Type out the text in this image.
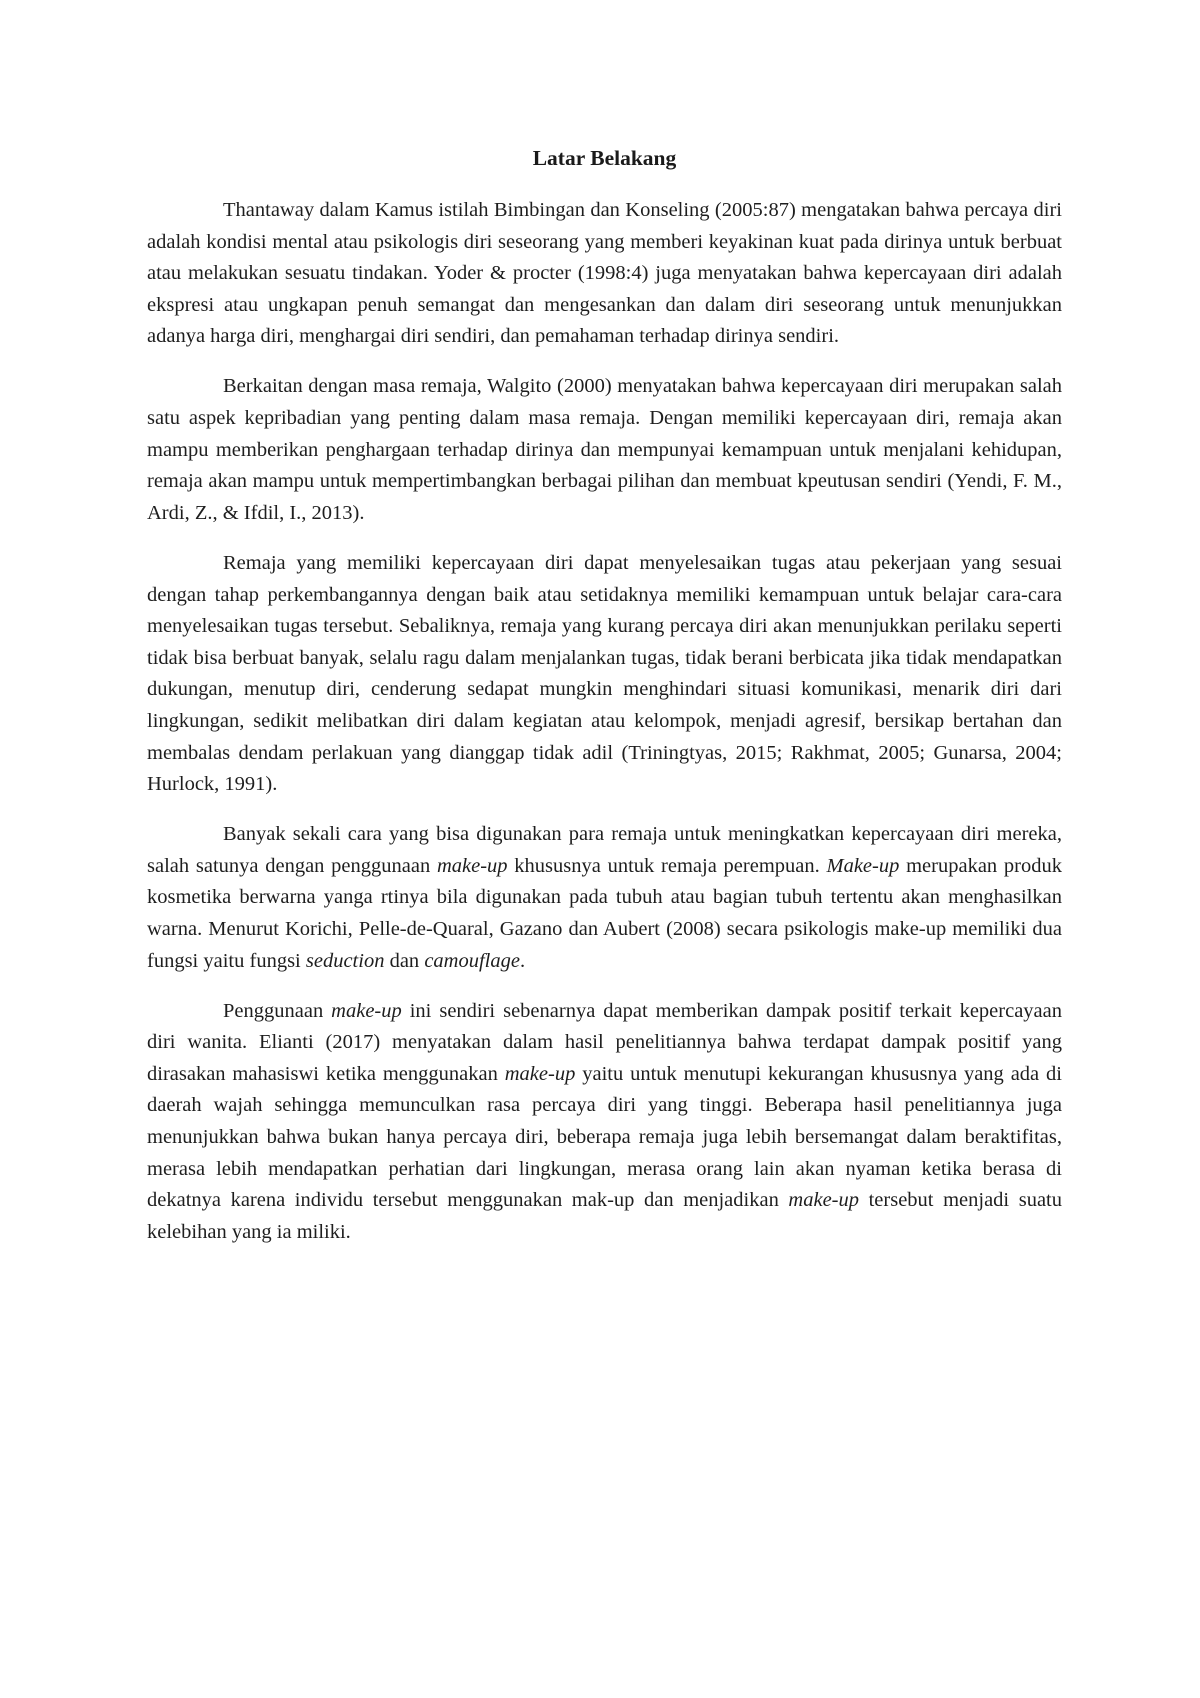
Latar Belakang

Thantaway dalam Kamus istilah Bimbingan dan Konseling (2005:87) mengatakan bahwa percaya diri adalah kondisi mental atau psikologis diri seseorang yang memberi keyakinan kuat pada dirinya untuk berbuat atau melakukan sesuatu tindakan. Yoder & procter (1998:4) juga menyatakan bahwa kepercayaan diri adalah ekspresi atau ungkapan penuh semangat dan mengesankan dan dalam diri seseorang untuk menunjukkan adanya harga diri, menghargai diri sendiri, dan pemahaman terhadap dirinya sendiri.

Berkaitan dengan masa remaja, Walgito (2000) menyatakan bahwa kepercayaan diri merupakan salah satu aspek kepribadian yang penting dalam masa remaja. Dengan memiliki kepercayaan diri, remaja akan mampu memberikan penghargaan terhadap dirinya dan mempunyai kemampuan untuk menjalani kehidupan, remaja akan mampu untuk mempertimbangkan berbagai pilihan dan membuat kpeutusan sendiri (Yendi, F. M., Ardi, Z., & Ifdil, I., 2013).

Remaja yang memiliki kepercayaan diri dapat menyelesaikan tugas atau pekerjaan yang sesuai dengan tahap perkembangannya dengan baik atau setidaknya memiliki kemampuan untuk belajar cara-cara menyelesaikan tugas tersebut. Sebaliknya, remaja yang kurang percaya diri akan menunjukkan perilaku seperti tidak bisa berbuat banyak, selalu ragu dalam menjalankan tugas, tidak berani berbicata jika tidak mendapatkan dukungan, menutup diri, cenderung sedapat mungkin menghindari situasi komunikasi, menarik diri dari lingkungan, sedikit melibatkan diri dalam kegiatan atau kelompok, menjadi agresif, bersikap bertahan dan membalas dendam perlakuan yang dianggap tidak adil (Triningtyas, 2015; Rakhmat, 2005; Gunarsa, 2004; Hurlock, 1991).

Banyak sekali cara yang bisa digunakan para remaja untuk meningkatkan kepercayaan diri mereka, salah satunya dengan penggunaan make-up khususnya untuk remaja perempuan. Make-up merupakan produk kosmetika berwarna yanga rtinya bila digunakan pada tubuh atau bagian tubuh tertentu akan menghasilkan warna. Menurut Korichi, Pelle-de-Quaral, Gazano dan Aubert (2008) secara psikologis make-up memiliki dua fungsi yaitu fungsi seduction dan camouflage.

Penggunaan make-up ini sendiri sebenarnya dapat memberikan dampak positif terkait kepercayaan diri wanita. Elianti (2017) menyatakan dalam hasil penelitiannya bahwa terdapat dampak positif yang dirasakan mahasiswi ketika menggunakan make-up yaitu untuk menutupi kekurangan khususnya yang ada di daerah wajah sehingga memunculkan rasa percaya diri yang tinggi. Beberapa hasil penelitiannya juga menunjukkan bahwa bukan hanya percaya diri, beberapa remaja juga lebih bersemangat dalam beraktifitas, merasa lebih mendapatkan perhatian dari lingkungan, merasa orang lain akan nyaman ketika berasa di dekatnya karena individu tersebut menggunakan mak-up dan menjadikan make-up tersebut menjadi suatu kelebihan yang ia miliki.
